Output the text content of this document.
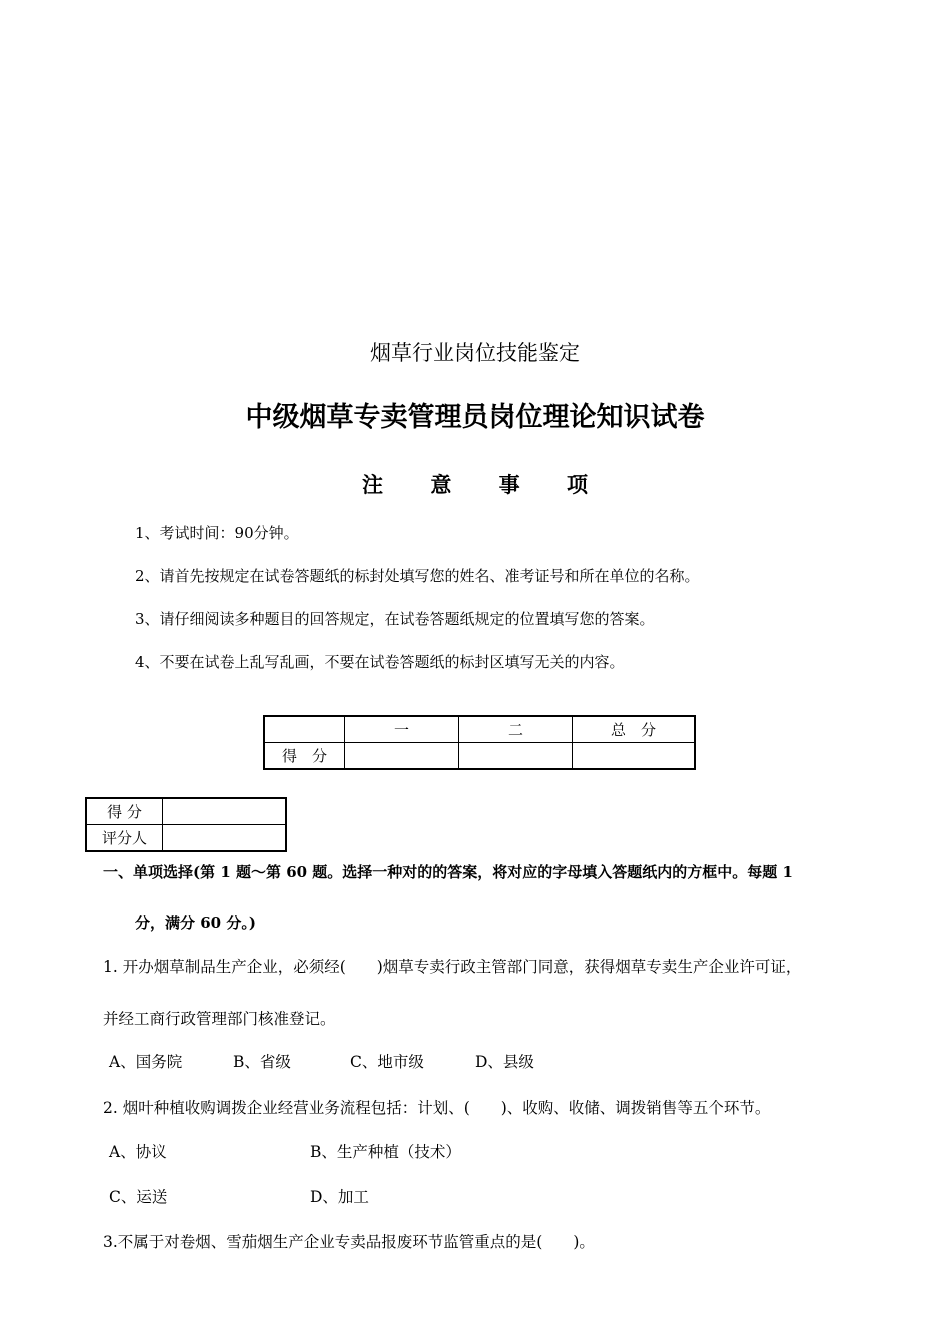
烟草行业岗位技能鉴定
中级烟草专卖管理员岗位理论知识试卷
注 意 事 项
1、考试时间：90分钟。
2、请首先按规定在试卷答题纸的标封处填写您的姓名、准考证号和所在单位的名称。
3、请仔细阅读多种题目的回答规定，在试卷答题纸规定的位置填写您的答案。
4、不要在试卷上乱写乱画，不要在试卷答题纸的标封区填写无关的内容。
	一	二	总　分
得　分			
得 分	
评分人	
一、单项选择(第 1 题～第 60 题。选择一种对的的答案，将对应的字母填入答题纸内的方框中。每题 1
分，满分 60 分。)
1. 开办烟草制品生产企业，必须经(　　)烟草专卖行政主管部门同意，获得烟草专卖生产企业许可证，
并经工商行政管理部门核准登记。
A、国务院	B、省级	C、地市级	D、县级
2. 烟叶种植收购调拨企业经营业务流程包括：计划、(　　)、收购、收储、调拨销售等五个环节。
A、协议	B、生产种植（技术）
C、运送	D、加工
3.不属于对卷烟、雪茄烟生产企业专卖品报废环节监管重点的是(　　)。
